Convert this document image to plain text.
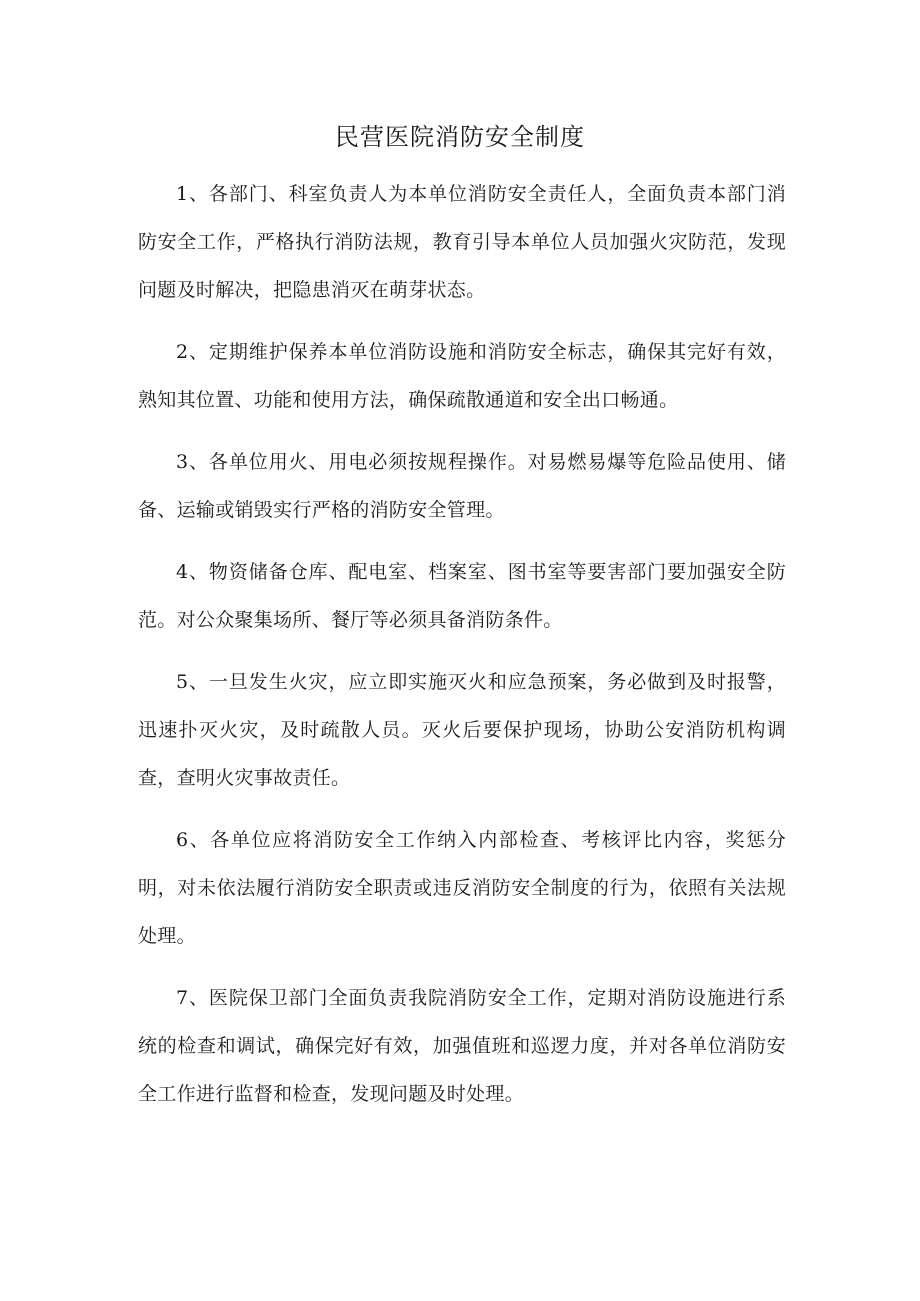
民营医院消防安全制度

1、各部门、科室负责人为本单位消防安全责任人，全面负责本部门消防安全工作，严格执行消防法规，教育引导本单位人员加强火灾防范，发现问题及时解决，把隐患消灭在萌芽状态。

2、定期维护保养本单位消防设施和消防安全标志，确保其完好有效，熟知其位置、功能和使用方法，确保疏散通道和安全出口畅通。

3、各单位用火、用电必须按规程操作。对易燃易爆等危险品使用、储备、运输或销毁实行严格的消防安全管理。

4、物资储备仓库、配电室、档案室、图书室等要害部门要加强安全防范。对公众聚集场所、餐厅等必须具备消防条件。

5、一旦发生火灾，应立即实施灭火和应急预案，务必做到及时报警，迅速扑灭火灾，及时疏散人员。灭火后要保护现场，协助公安消防机构调查，查明火灾事故责任。

6、各单位应将消防安全工作纳入内部检查、考核评比内容，奖惩分明，对未依法履行消防安全职责或违反消防安全制度的行为，依照有关法规处理。

7、医院保卫部门全面负责我院消防安全工作，定期对消防设施进行系统的检查和调试，确保完好有效，加强值班和巡逻力度，并对各单位消防安全工作进行监督和检查，发现问题及时处理。
